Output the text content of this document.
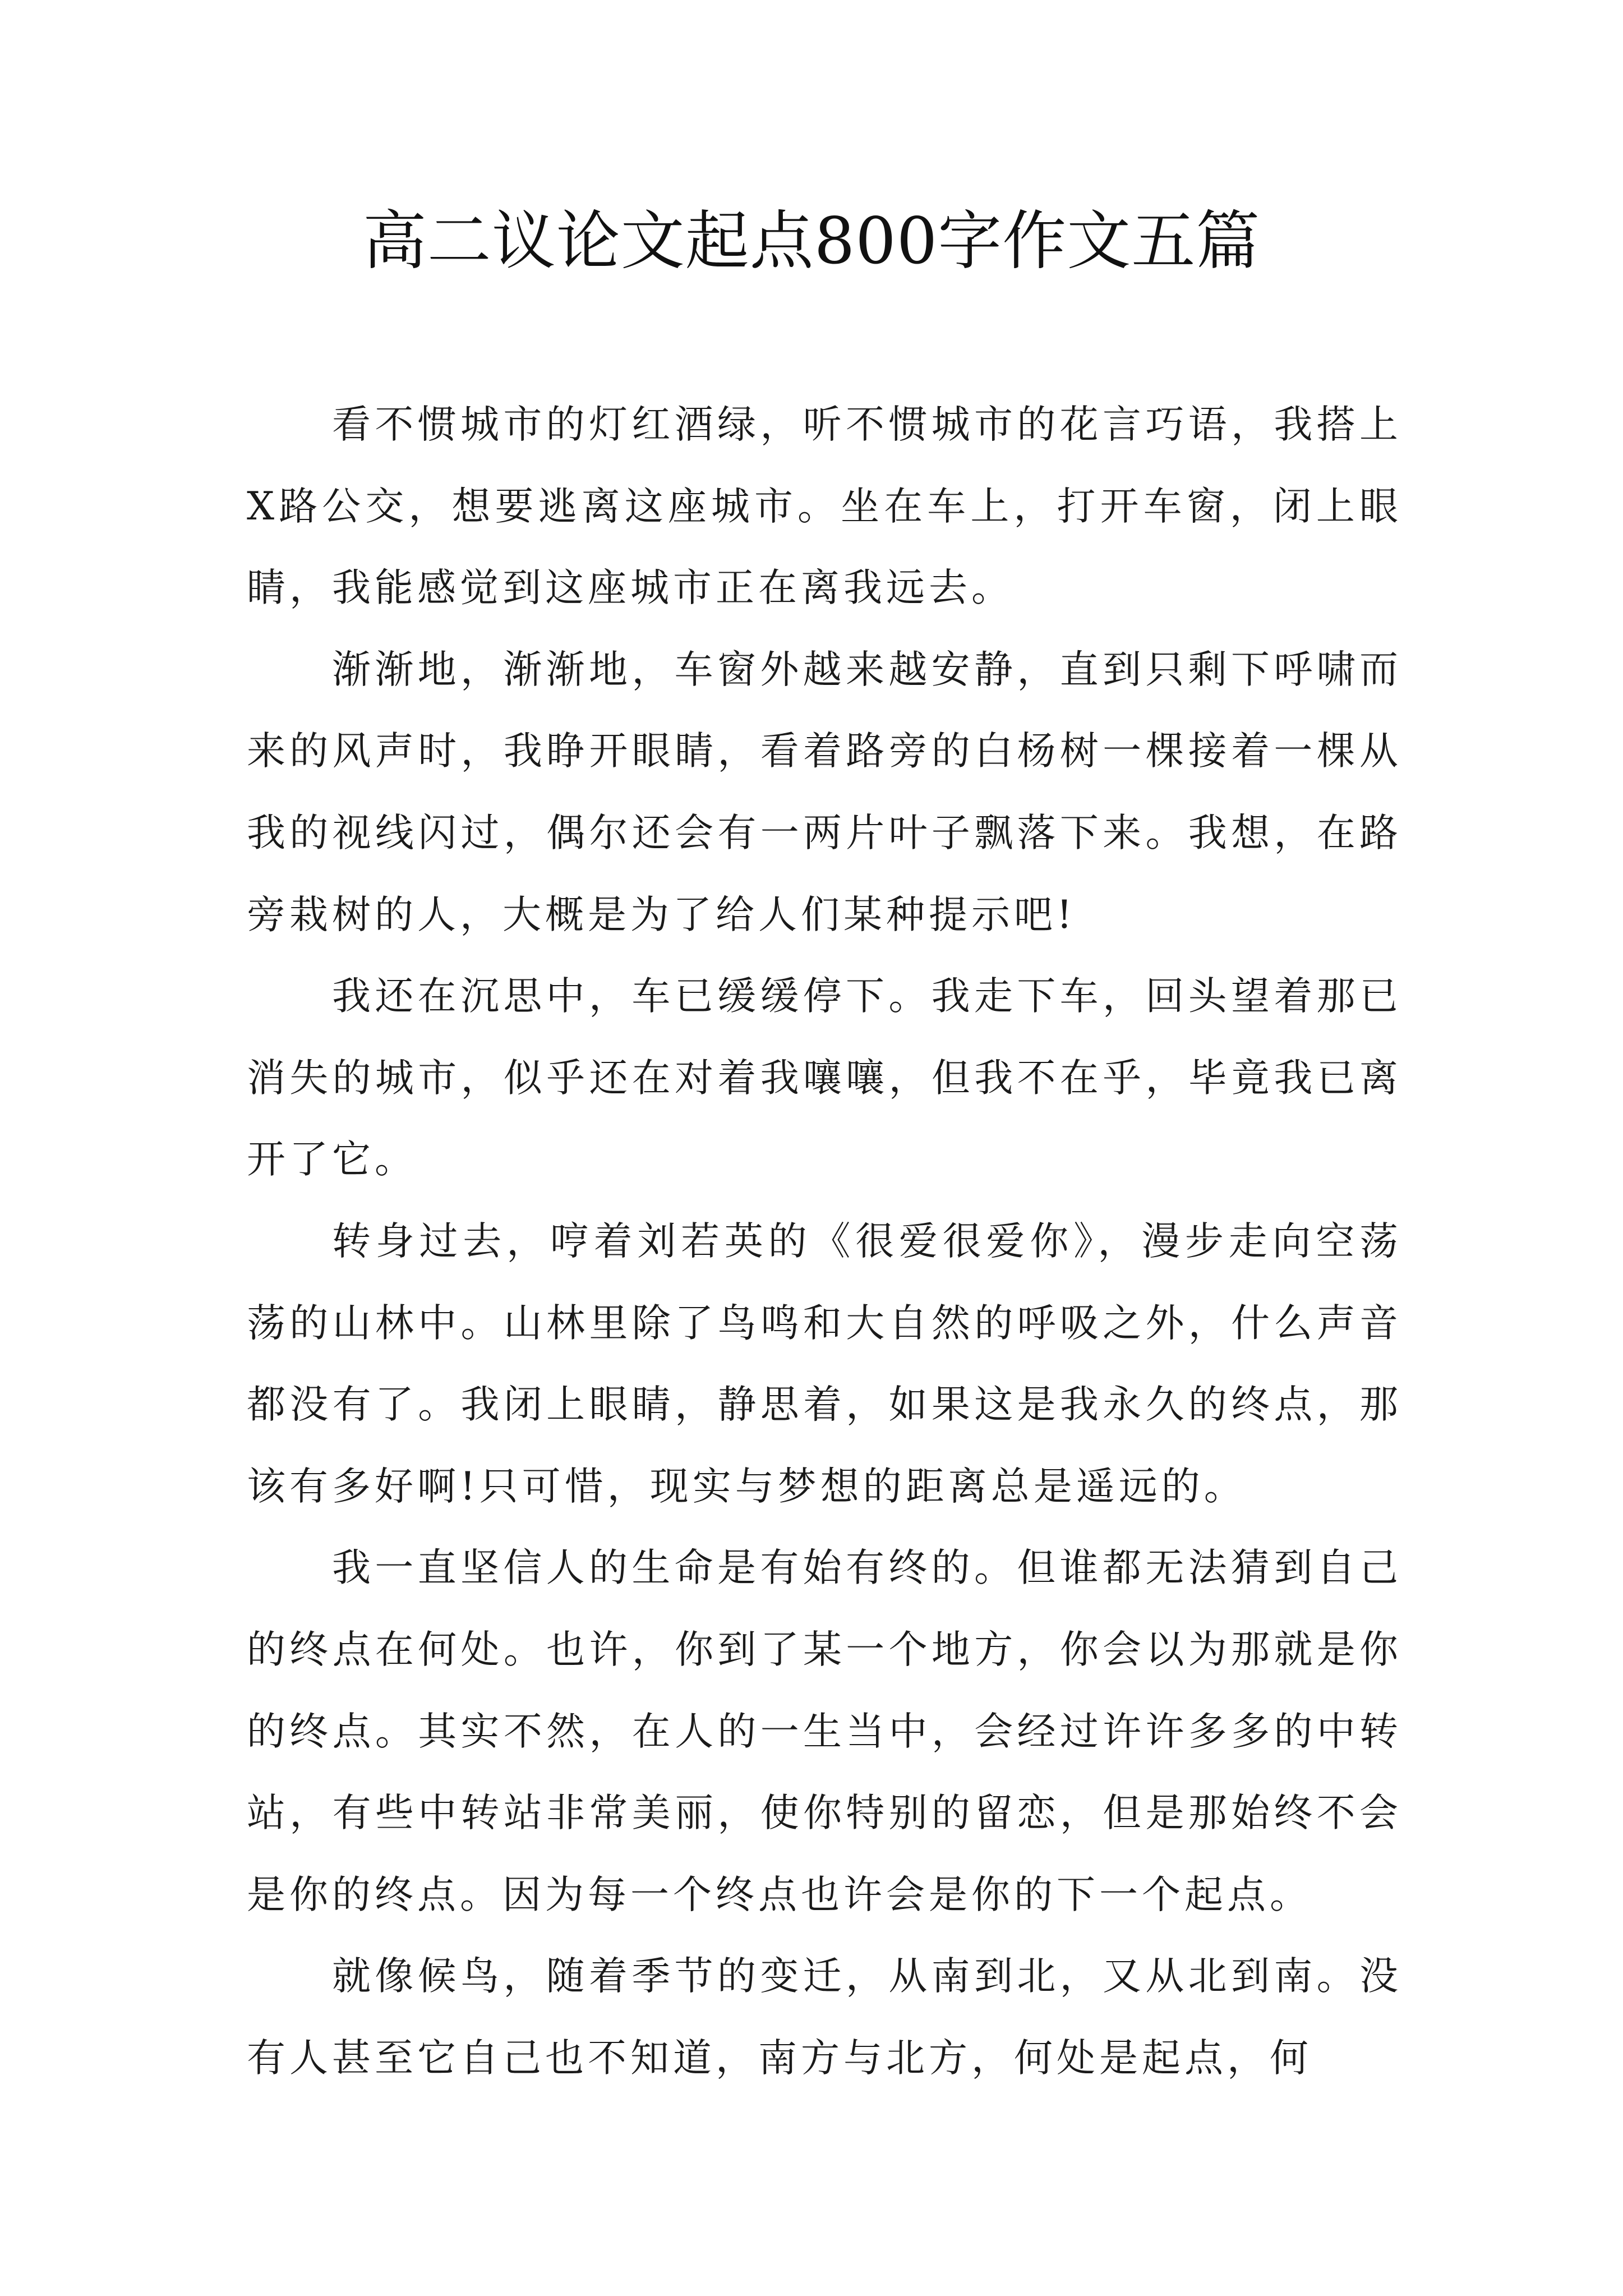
高二议论文起点800字作文五篇

看不惯城市的灯红酒绿，听不惯城市的花言巧语，我搭上X路公交，想要逃离这座城市。坐在车上，打开车窗，闭上眼睛，我能感觉到这座城市正在离我远去。

渐渐地，渐渐地，车窗外越来越安静，直到只剩下呼啸而来的风声时，我睁开眼睛，看着路旁的白杨树一棵接着一棵从我的视线闪过，偶尔还会有一两片叶子飘落下来。我想，在路旁栽树的人，大概是为了给人们某种提示吧!

我还在沉思中，车已缓缓停下。我走下车，回头望着那已消失的城市，似乎还在对着我嚷嚷，但我不在乎，毕竟我已离开了它。

转身过去，哼着刘若英的《很爱很爱你》，漫步走向空荡荡的山林中。山林里除了鸟鸣和大自然的呼吸之外，什么声音都没有了。我闭上眼睛，静思着，如果这是我永久的终点，那该有多好啊!只可惜，现实与梦想的距离总是遥远的。

我一直坚信人的生命是有始有终的。但谁都无法猜到自己的终点在何处。也许，你到了某一个地方，你会以为那就是你的终点。其实不然，在人的一生当中，会经过许许多多的中转站，有些中转站非常美丽，使你特别的留恋，但是那始终不会是你的终点。因为每一个终点也许会是你的下一个起点。

就像候鸟，随着季节的变迁，从南到北，又从北到南。没有人甚至它自己也不知道，南方与北方，何处是起点，何
